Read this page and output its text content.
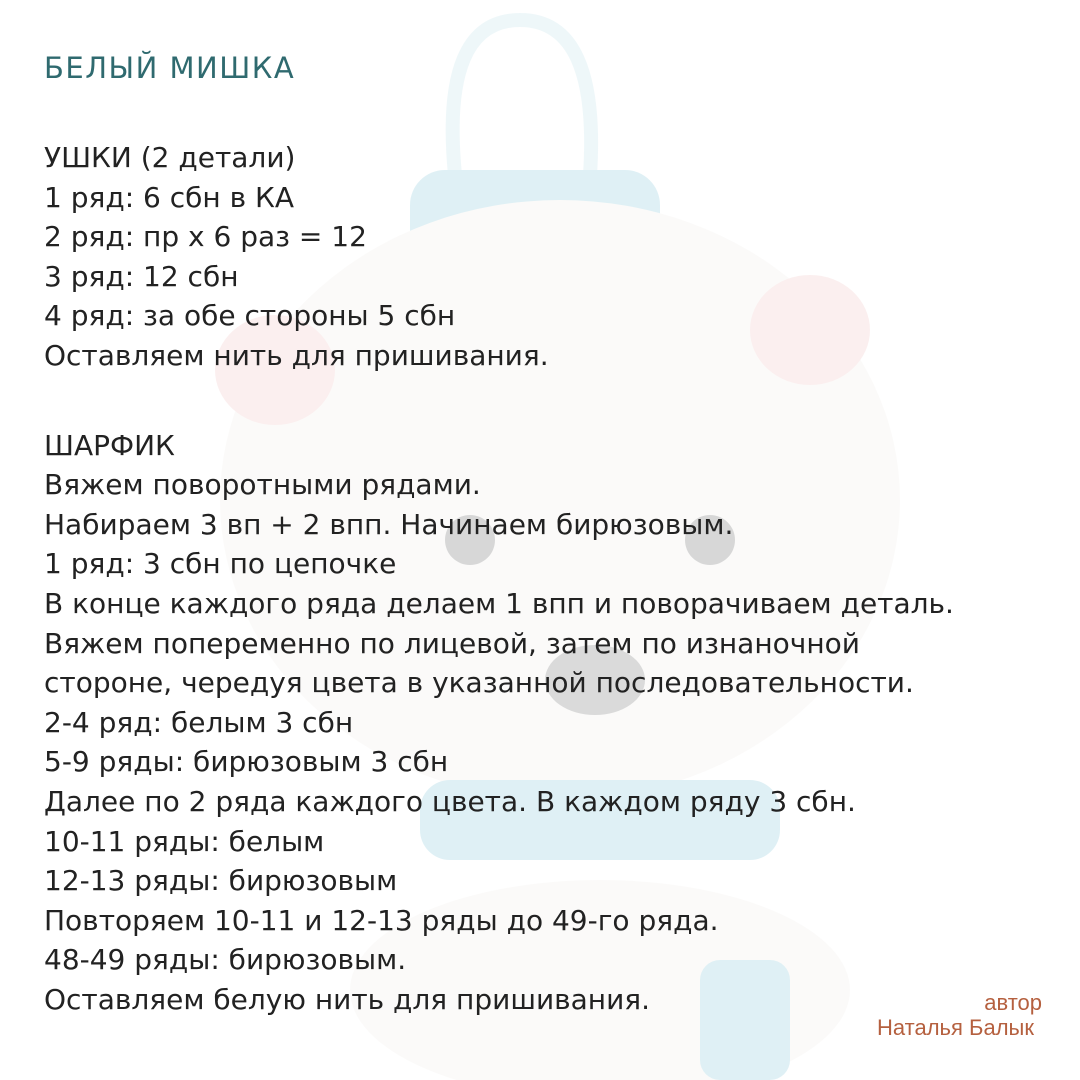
БЕЛЫЙ МИШКА
УШКИ (2 детали)
1 ряд: 6 сбн в КА
2 ряд: пр х 6 раз = 12
3 ряд: 12 сбн
4 ряд: за обе стороны 5 сбн
Оставляем нить для пришивания.
ШАРФИК
Вяжем поворотными рядами.
Набираем 3 вп + 2 впп. Начинаем бирюзовым.
1 ряд: 3 сбн по цепочке
В конце каждого ряда делаем 1 впп и поворачиваем деталь.
Вяжем попеременно по лицевой, затем по изнаночной
стороне, чередуя цвета в указанной последовательности.
2-4 ряд: белым 3 сбн
5-9 ряды: бирюзовым 3 сбн
Далее по 2 ряда каждого цвета. В каждом ряду 3 сбн.
10-11 ряды: белым
12-13 ряды: бирюзовым
Повторяем 10-11 и 12-13 ряды до 49-го ряда.
48-49 ряды: бирюзовым.
Оставляем белую нить для пришивания.	автор
Наталья Балык
